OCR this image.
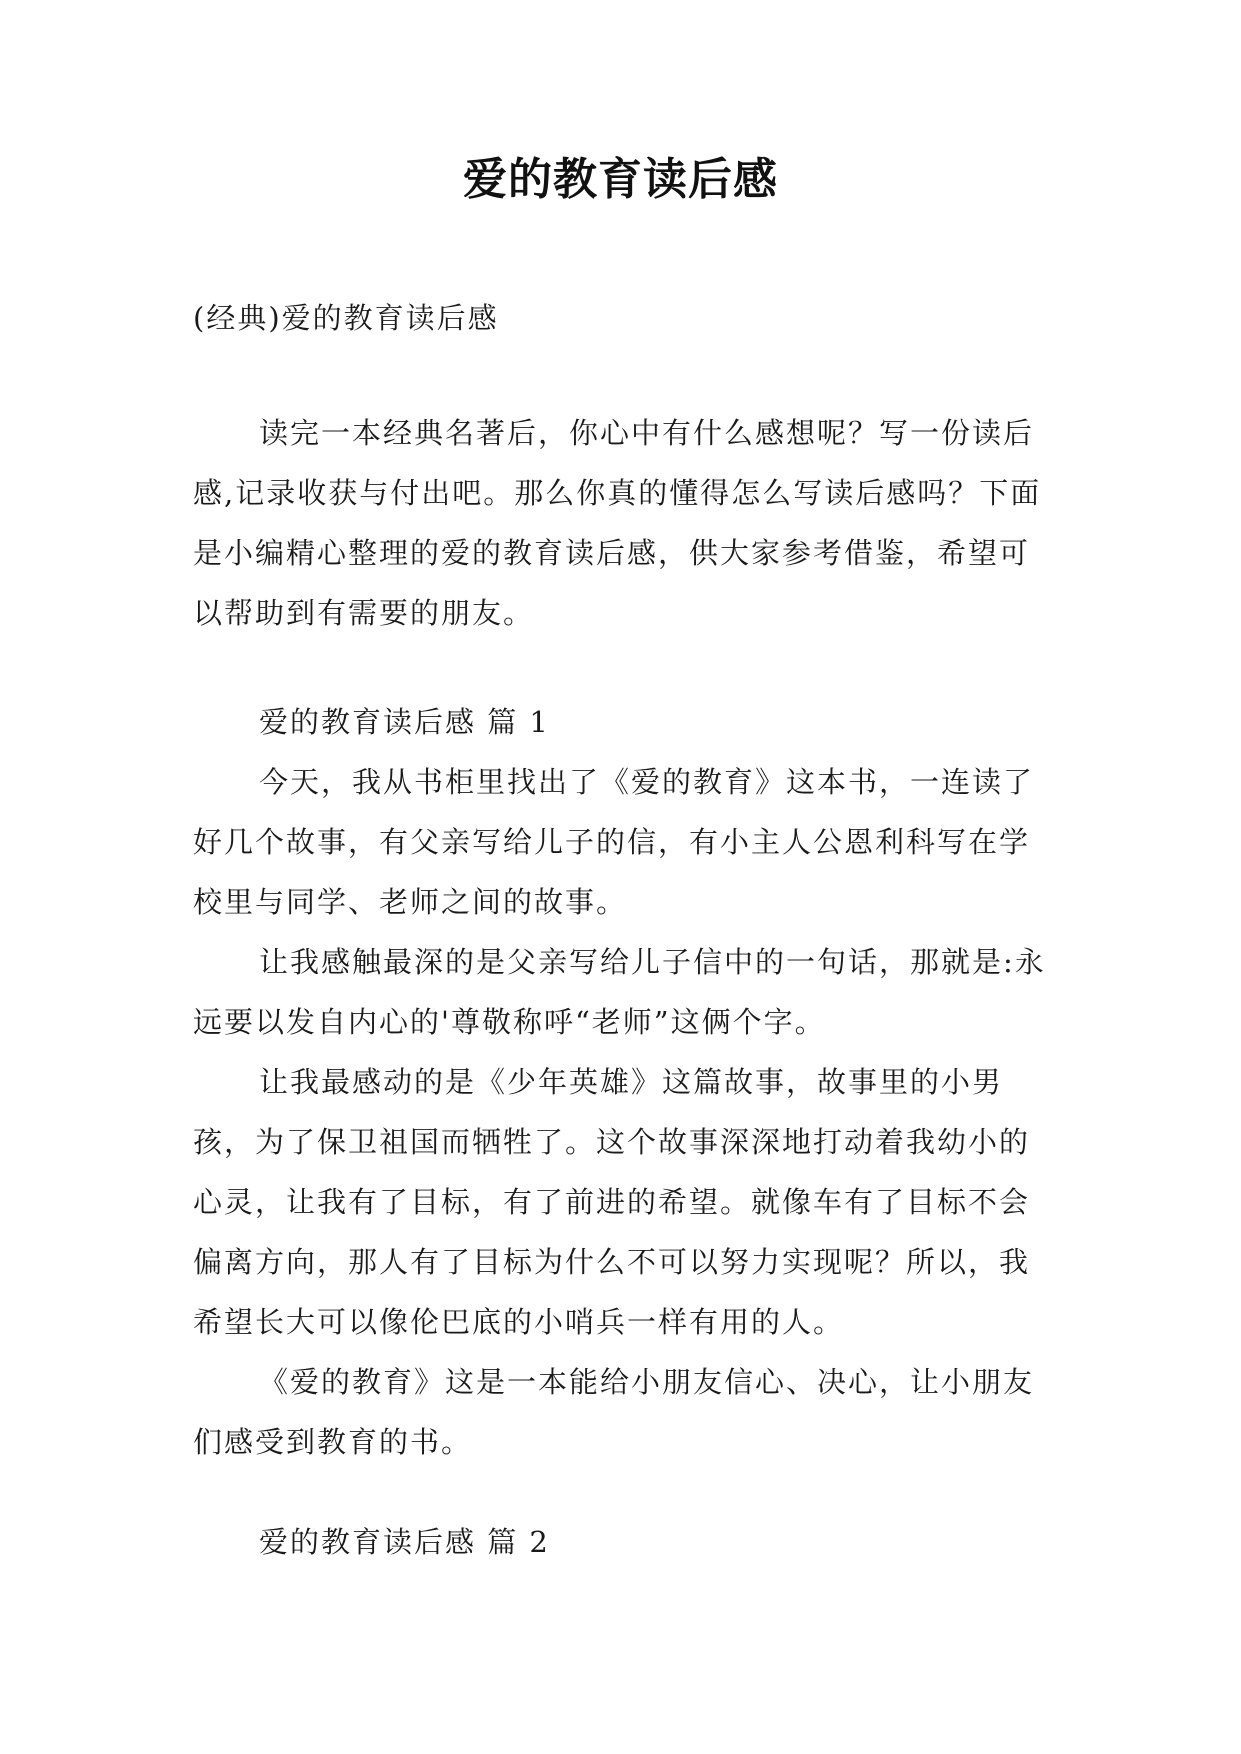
爱的教育读后感
(经典)爱的教育读后感

读完一本经典名著后，你心中有什么感想呢？写一份读后感,记录收获与付出吧。那么你真的懂得怎么写读后感吗？下面是小编精心整理的爱的教育读后感，供大家参考借鉴，希望可以帮助到有需要的朋友。

爱的教育读后感 篇 1

今天，我从书柜里找出了《爱的教育》这本书，一连读了好几个故事，有父亲写给儿子的信，有小主人公恩利科写在学校里与同学、老师之间的故事。

让我感触最深的是父亲写给儿子信中的一句话，那就是:永远要以发自内心的'尊敬称呼“老师”这俩个字。

让我最感动的是《少年英雄》这篇故事，故事里的小男孩，为了保卫祖国而牺牲了。这个故事深深地打动着我幼小的心灵，让我有了目标，有了前进的希望。就像车有了目标不会偏离方向，那人有了目标为什么不可以努力实现呢？所以，我希望长大可以像伦巴底的小哨兵一样有用的人。

《爱的教育》这是一本能给小朋友信心、决心，让小朋友们感受到教育的书。

爱的教育读后感 篇 2
